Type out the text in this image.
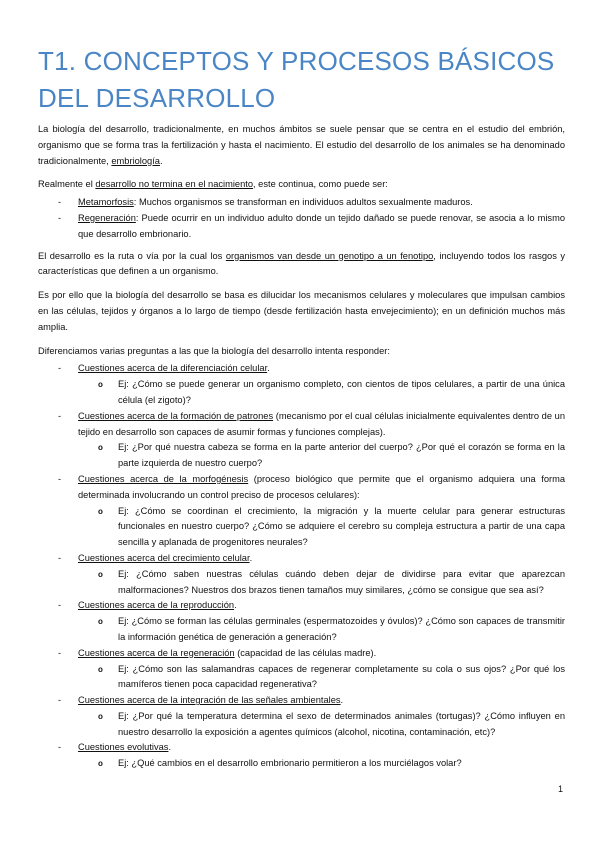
T1. CONCEPTOS Y PROCESOS BÁSICOS DEL DESARROLLO

La biología del desarrollo, tradicionalmente, en muchos ámbitos se suele pensar que se centra en el estudio del embrión, organismo que se forma tras la fertilización y hasta el nacimiento. El estudio del desarrollo de los animales se ha denominado tradicionalmente, embriología.

Realmente el desarrollo no termina en el nacimiento, este continua, como puede ser:

- Metamorfosis: Muchos organismos se transforman en individuos adultos sexualmente maduros.
- Regeneración: Puede ocurrir en un individuo adulto donde un tejido dañado se puede renovar, se asocia a lo mismo que desarrollo embrionario.

El desarrollo es la ruta o vía por la cual los organismos van desde un genotipo a un fenotipo, incluyendo todos los rasgos y características que definen a un organismo.

Es por ello que la biología del desarrollo se basa es dilucidar los mecanismos celulares y moleculares que impulsan cambios en las células, tejidos y órganos a lo largo de tiempo (desde fertilización hasta envejecimiento); en un definición muchos más amplia.

Diferenciamos varias preguntas a las que la biología del desarrollo intenta responder:

- Cuestiones acerca de la diferenciación celular.
o Ej: ¿Cómo se puede generar un organismo completo, con cientos de tipos celulares, a partir de una única célula (el zigoto)?
- Cuestiones acerca de la formación de patrones (mecanismo por el cual células inicialmente equivalentes dentro de un tejido en desarrollo son capaces de asumir formas y funciones complejas).
o Ej: ¿Por qué nuestra cabeza se forma en la parte anterior del cuerpo? ¿Por qué el corazón se forma en la parte izquierda de nuestro cuerpo?
- Cuestiones acerca de la morfogénesis (proceso biológico que permite que el organismo adquiera una forma determinada involucrando un control preciso de procesos celulares):
o Ej: ¿Cómo se coordinan el crecimiento, la migración y la muerte celular para generar estructuras funcionales en nuestro cuerpo? ¿Cómo se adquiere el cerebro su compleja estructura a partir de una capa sencilla y aplanada de progenitores neurales?
- Cuestiones acerca del crecimiento celular.
o Ej: ¿Cómo saben nuestras células cuándo deben dejar de dividirse para evitar que aparezcan malformaciones? Nuestros dos brazos tienen tamaños muy similares, ¿cómo se consigue que sea así?
- Cuestiones acerca de la reproducción.
o Ej: ¿Cómo se forman las células germinales (espermatozoides y óvulos)? ¿Cómo son capaces de transmitir la información genética de generación a generación?
- Cuestiones acerca de la regeneración (capacidad de las células madre).
o Ej: ¿Cómo son las salamandras capaces de regenerar completamente su cola o sus ojos? ¿Por qué los mamíferos tienen poca capacidad regenerativa?
- Cuestiones acerca de la integración de las señales ambientales.
o Ej: ¿Por qué la temperatura determina el sexo de determinados animales (tortugas)? ¿Cómo influyen en nuestro desarrollo la exposición a agentes químicos (alcohol, nicotina, contaminación, etc)?
- Cuestiones evolutivas.
o Ej: ¿Qué cambios en el desarrollo embrionario permitieron a los murciélagos volar?
1
